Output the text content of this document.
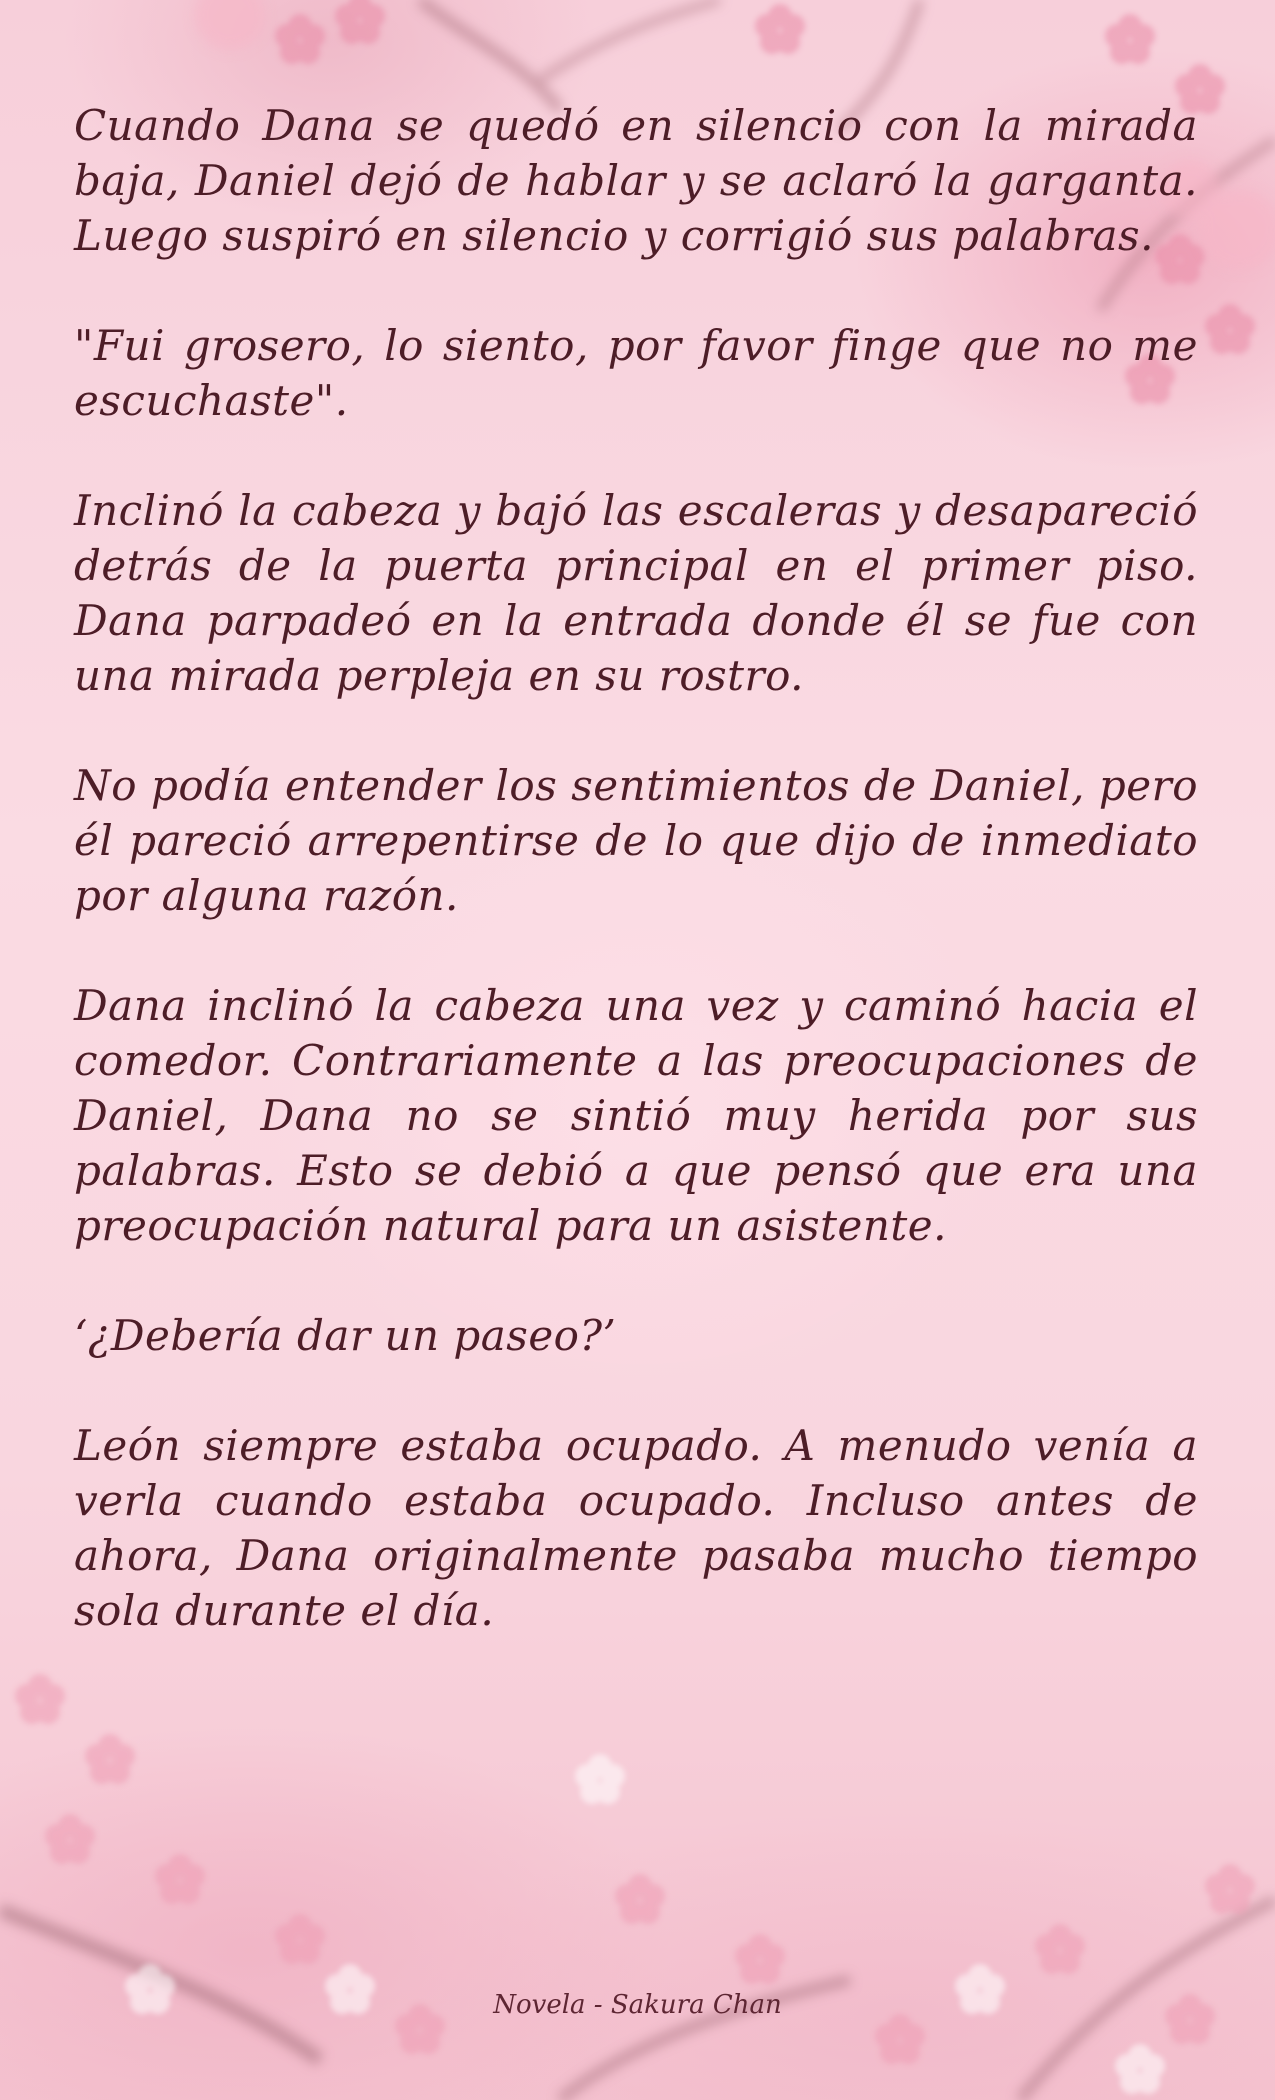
Cuando Dana se quedó en silencio con la mirada baja, Daniel dejó de hablar y se aclaró la garganta. Luego suspiró en silencio y corrigió sus palabras.

"Fui grosero, lo siento, por favor finge que no me escuchaste".

Inclinó la cabeza y bajó las escaleras y desapareció detrás de la puerta principal en el primer piso. Dana parpadeó en la entrada donde él se fue con una mirada perpleja en su rostro.

No podía entender los sentimientos de Daniel, pero él pareció arrepentirse de lo que dijo de inmediato por alguna razón.

Dana inclinó la cabeza una vez y caminó hacia el comedor. Contrariamente a las preocupaciones de Daniel, Dana no se sintió muy herida por sus palabras. Esto se debió a que pensó que era una preocupación natural para un asistente.

‘¿Debería dar un paseo?’

León siempre estaba ocupado. A menudo venía a verla cuando estaba ocupado. Incluso antes de ahora, Dana originalmente pasaba mucho tiempo sola durante el día.

Novela - Sakura Chan
